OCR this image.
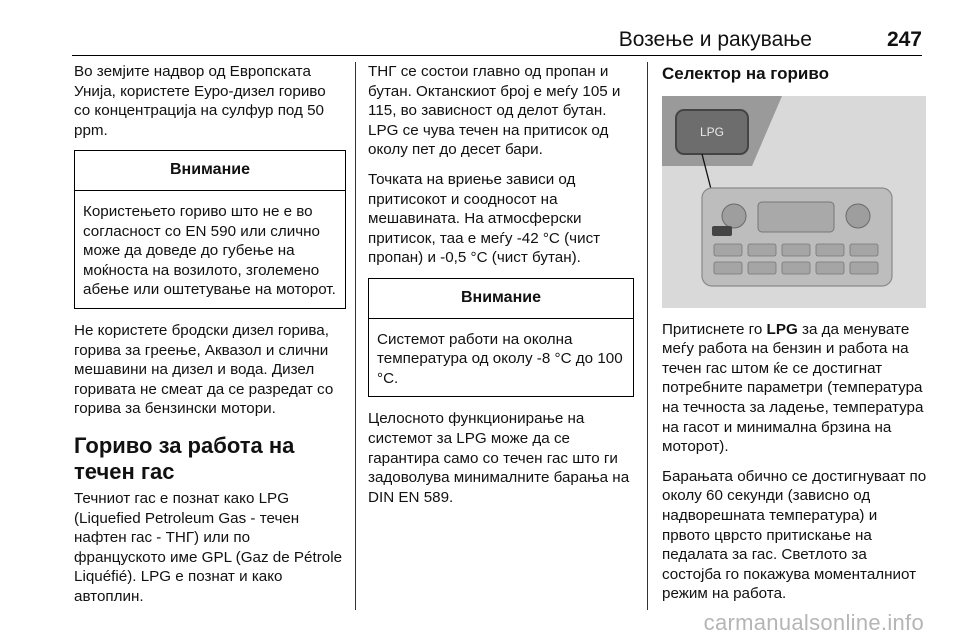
Возење и ракување	247

Во земјите надвор од Европската Унија, користете Еуро-дизел гориво со концентрација на сулфур под 50 ppm.

Внимание
Користењето гориво што не е во согласност со EN 590 или слично може да доведе до губење на моќноста на возилото, зголемено абење или оштетување на моторот.

Не користете бродски дизел горива, горива за греење, Аквазол и слични мешавини на дизел и вода. Дизел горивата не смеат да се разредат со горива за бензински мотори.

Гориво за работа на течен гас

Течниот гас е познат како LPG (Liquefied Petroleum Gas - течен нафтен гас - ТНГ) или по францускoто име GPL (Gaz de Pétrole Liquéfié). LPG е познат и како автоплин.

ТНГ се состои главно од пропан и бутан. Октанскиот број е меѓу 105 и 115, во зависност од делот бутан. LPG се чува течен на притисок од околу пет до десет бари.

Точката на вриење зависи од притисокот и соодносот на мешавината. На атмосферски притисок, таа е меѓу -42 °C (чист пропан) и -0,5 °C (чист бутан).

Внимание
Системот работи на околна температура од околу -8 °C до 100 °C.

Целосното функционирање на системот за LPG може да се гарантира само со течен гас што ги задоволува минималните барања на DIN EN 589.

Селектор на гориво
LPG

Притиснете го LPG за да менувате меѓу работа на бензин и работа на течен гас штом ќе се достигнат потребните параметри (температура на течноста за ладење, температура на гасот и минимална брзина на моторот).

Барањата обично се достигнуваат по околу 60 секунди (зависно од надворешната температура) и првото цврсто притискање на педалата за гас. Светлото за состојба го покажува моменталниот режим на работа.

carmanualsonline.info
